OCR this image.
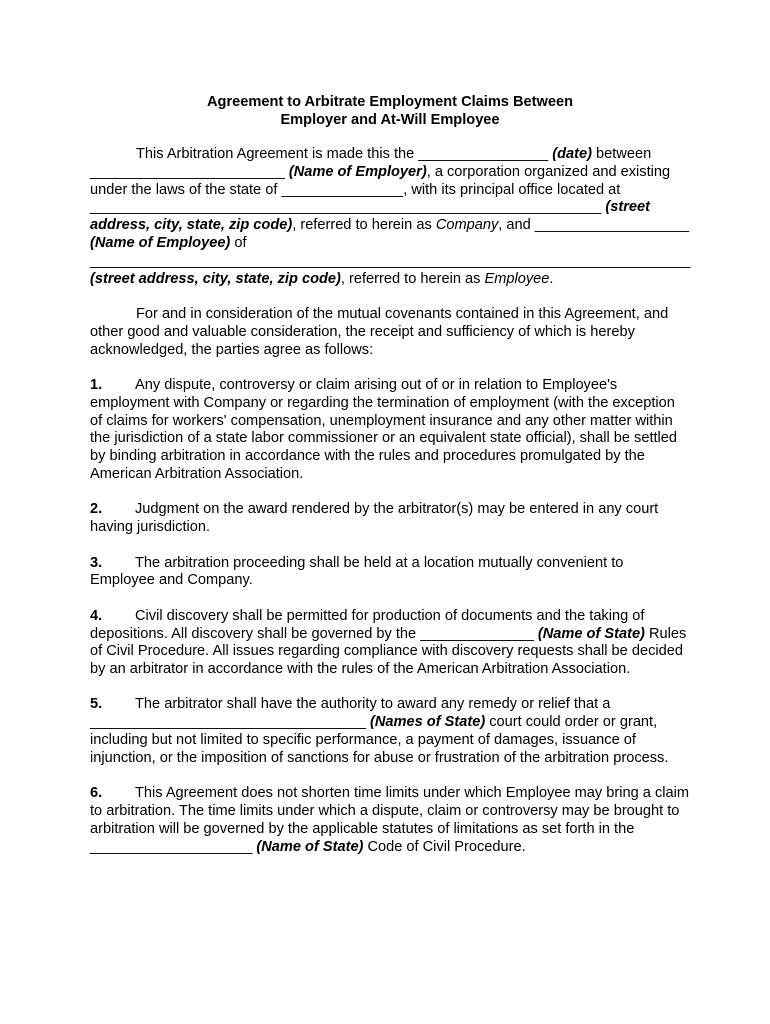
Agreement to Arbitrate Employment Claims Between
Employer and At-Will Employee

This Arbitration Agreement is made this the ________________ (date) between ________________________ (Name of Employer), a corporation organized and existing under the laws of the state of _______________, with its principal office located at _______________________________________________________________ (street address, city, state, zip code), referred to herein as Company, and ___________________ (Name of Employee) of __________________________________________________________________________ (street address, city, state, zip code), referred to herein as Employee.

For and in consideration of the mutual covenants contained in this Agreement, and other good and valuable consideration, the receipt and sufficiency of which is hereby acknowledged, the parties agree as follows:

1. Any dispute, controversy or claim arising out of or in relation to Employee's employment with Company or regarding the termination of employment (with the exception of claims for workers' compensation, unemployment insurance and any other matter within the jurisdiction of a state labor commissioner or an equivalent state official), shall be settled by binding arbitration in accordance with the rules and procedures promulgated by the American Arbitration Association.

2. Judgment on the award rendered by the arbitrator(s) may be entered in any court having jurisdiction.

3. The arbitration proceeding shall be held at a location mutually convenient to Employee and Company.

4. Civil discovery shall be permitted for production of documents and the taking of depositions. All discovery shall be governed by the ______________ (Name of State) Rules of Civil Procedure. All issues regarding compliance with discovery requests shall be decided by an arbitrator in accordance with the rules of the American Arbitration Association.

5. The arbitrator shall have the authority to award any remedy or relief that a __________________________________ (Names of State) court could order or grant, including but not limited to specific performance, a payment of damages, issuance of injunction, or the imposition of sanctions for abuse or frustration of the arbitration process.

6. This Agreement does not shorten time limits under which Employee may bring a claim to arbitration. The time limits under which a dispute, claim or controversy may be brought to arbitration will be governed by the applicable statutes of limitations as set forth in the ____________________ (Name of State) Code of Civil Procedure.
